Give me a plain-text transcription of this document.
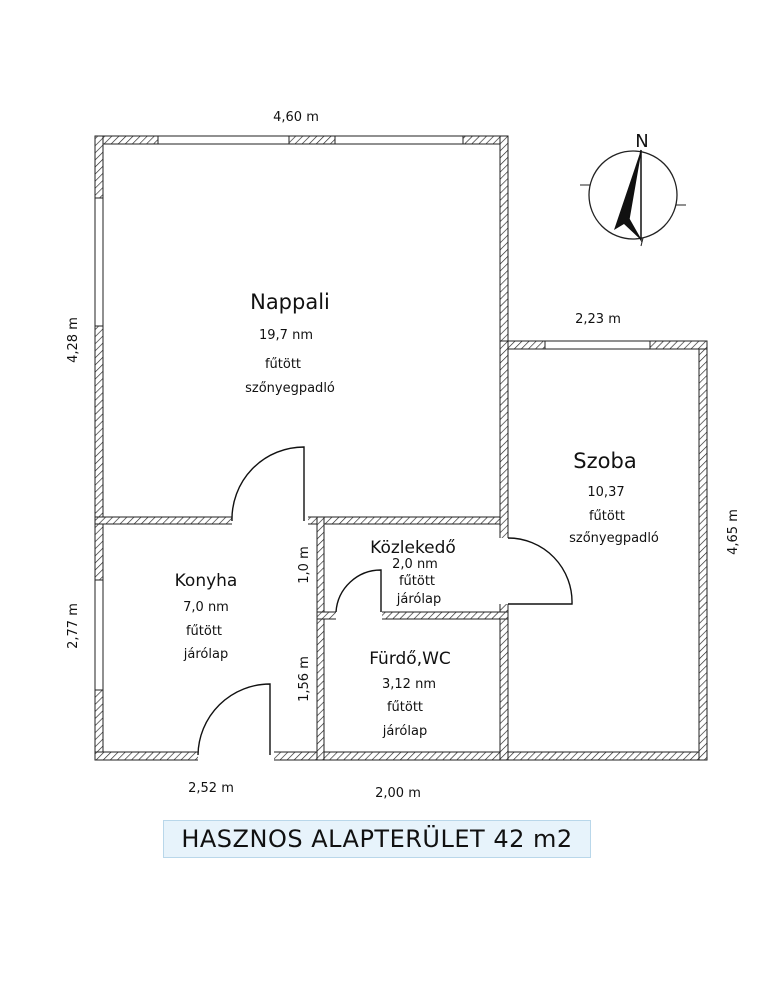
Nappali
19,7 nm
fűtött
szőnyegpadló
Szoba
10,37
fűtött
szőnyegpadló
Közlekedő
2,0 nm
fűtött
járólap
Konyha
7,0 nm
fűtött
járólap	Fürdő,WC
3,12 nm
fűtött
járólap
4,60 m
2,23 m
2,52 m	2,00 m
4,28 m
2,77 m
4,65 m
1,0 m
1,56 m
N
HASZNOS ALAPTERÜLET 42 m2
